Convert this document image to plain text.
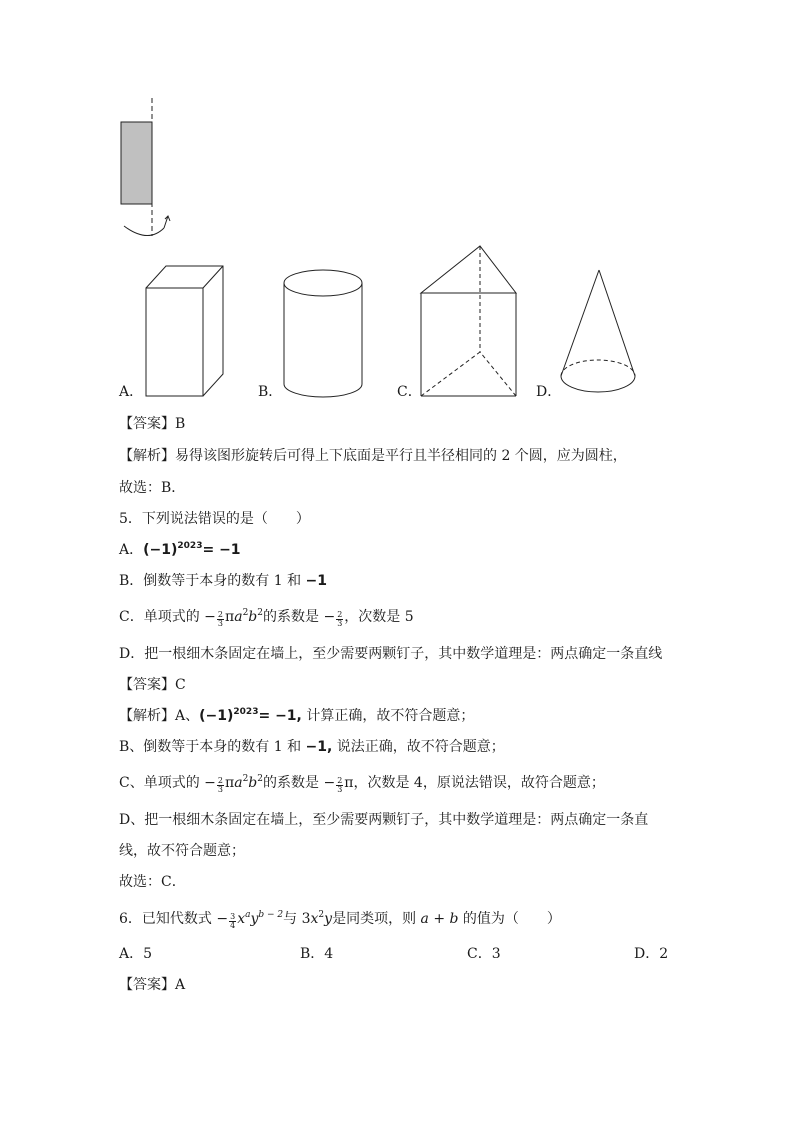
A．	B．	C．	D．
【答案】B
【解析】易得该图形旋转后可得上下底面是平行且半径相同的 2 个圆，应为圆柱，
故选：B．
5．下列说法错误的是（　　）
A．$(-1)^{2023}= -1$
B．倒数等于本身的数有 1 和 −1
C．单项式的 − $\frac{2}{3} \pi a^2b^2$的系数是 − $\frac{2}{3}$ ，次数是 5
D．把一根细木条固定在墙上，至少需要两颗钉子，其中数学道理是：两点确定一条直线
【答案】C
【解析】A、$(-1)^{2023}= -1$, 计算正确，故不符合题意；
B、倒数等于本身的数有 1 和 −1, 说法正确，故不符合题意；
C、单项式的 − $\frac{2}{3} \pi a^2b^2$的系数是 − $\frac{2}{3}$ π，次数是 4，原说法错误，故符合题意；
D、把一根细木条固定在墙上，至少需要两颗钉子，其中数学道理是：两点确定一条直
线，故不符合题意；
故选：C．
6．已知代数式 − $\frac{3}{4} x^ay^{b - 2}$与 $3x^2y$是同类项，则 a + b 的值为（　　）
A．5	B．4	C．3	D．2
【答案】A
